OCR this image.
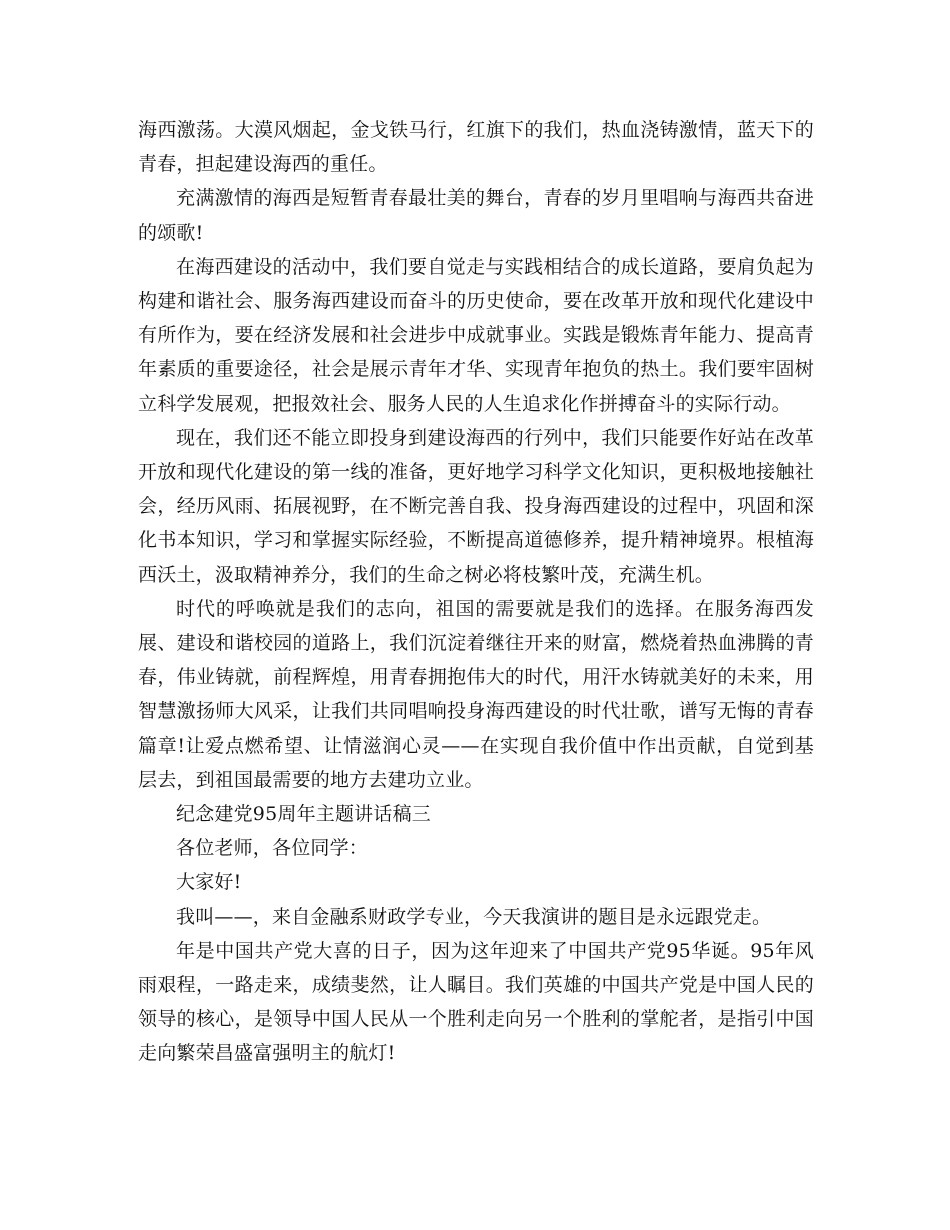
海西激荡。大漠风烟起，金戈铁马行，红旗下的我们，热血浇铸激情，蓝天下的青春，担起建设海西的重任。

充满激情的海西是短暂青春最壮美的舞台，青春的岁月里唱响与海西共奋进的颂歌!

在海西建设的活动中，我们要自觉走与实践相结合的成长道路，要肩负起为构建和谐社会、服务海西建设而奋斗的历史使命，要在改革开放和现代化建设中有所作为，要在经济发展和社会进步中成就事业。实践是锻炼青年能力、提高青年素质的重要途径，社会是展示青年才华、实现青年抱负的热土。我们要牢固树立科学发展观，把报效社会、服务人民的人生追求化作拼搏奋斗的实际行动。

现在，我们还不能立即投身到建设海西的行列中，我们只能要作好站在改革开放和现代化建设的第一线的准备，更好地学习科学文化知识，更积极地接触社会，经历风雨、拓展视野，在不断完善自我、投身海西建设的过程中，巩固和深化书本知识，学习和掌握实际经验，不断提高道德修养，提升精神境界。根植海西沃土，汲取精神养分，我们的生命之树必将枝繁叶茂，充满生机。

时代的呼唤就是我们的志向，祖国的需要就是我们的选择。在服务海西发展、建设和谐校园的道路上，我们沉淀着继往开来的财富，燃烧着热血沸腾的青春，伟业铸就，前程辉煌，用青春拥抱伟大的时代，用汗水铸就美好的未来，用智慧激扬师大风采，让我们共同唱响投身海西建设的时代壮歌，谱写无悔的青春篇章!让爱点燃希望、让情滋润心灵——在实现自我价值中作出贡献，自觉到基层去，到祖国最需要的地方去建功立业。

纪念建党95周年主题讲话稿三

各位老师，各位同学：

大家好!

我叫——，来自金融系财政学专业，今天我演讲的题目是永远跟党走。

年是中国共产党大喜的日子，因为这年迎来了中国共产党95华诞。95年风雨艰程，一路走来，成绩斐然，让人瞩目。我们英雄的中国共产党是中国人民的领导的核心，是领导中国人民从一个胜利走向另一个胜利的掌舵者，是指引中国走向繁荣昌盛富强明主的航灯!
